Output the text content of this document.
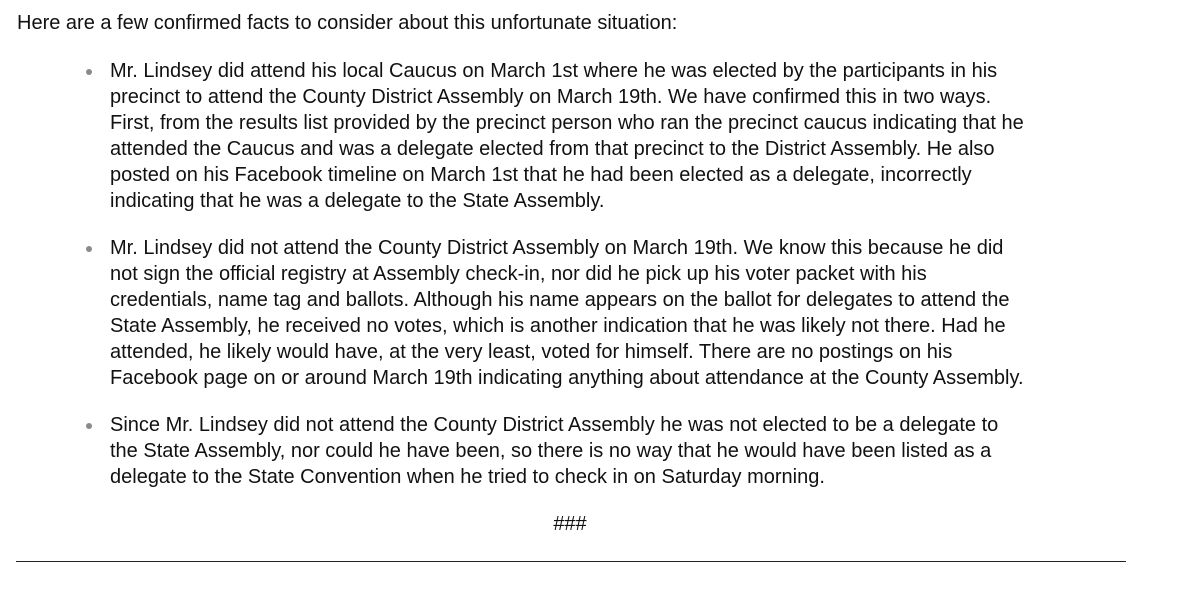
Here are a few confirmed facts to consider about this unfortunate situation:

Mr. Lindsey did attend his local Caucus on March 1st where he was elected by the participants in his
precinct to attend the County District Assembly on March 19th. We have confirmed this in two ways.
First, from the results list provided by the precinct person who ran the precinct caucus indicating that he
attended the Caucus and was a delegate elected from that precinct to the District Assembly. He also
posted on his Facebook timeline on March 1st that he had been elected as a delegate, incorrectly
indicating that he was a delegate to the State Assembly.
Mr. Lindsey did not attend the County District Assembly on March 19th. We know this because he did
not sign the official registry at Assembly check-in, nor did he pick up his voter packet with his
credentials, name tag and ballots. Although his name appears on the ballot for delegates to attend the
State Assembly, he received no votes, which is another indication that he was likely not there. Had he
attended, he likely would have, at the very least, voted for himself. There are no postings on his
Facebook page on or around March 19th indicating anything about attendance at the County Assembly.
Since Mr. Lindsey did not attend the County District Assembly he was not elected to be a delegate to
the State Assembly, nor could he have been, so there is no way that he would have been listed as a
delegate to the State Convention when he tried to check in on Saturday morning.

###
